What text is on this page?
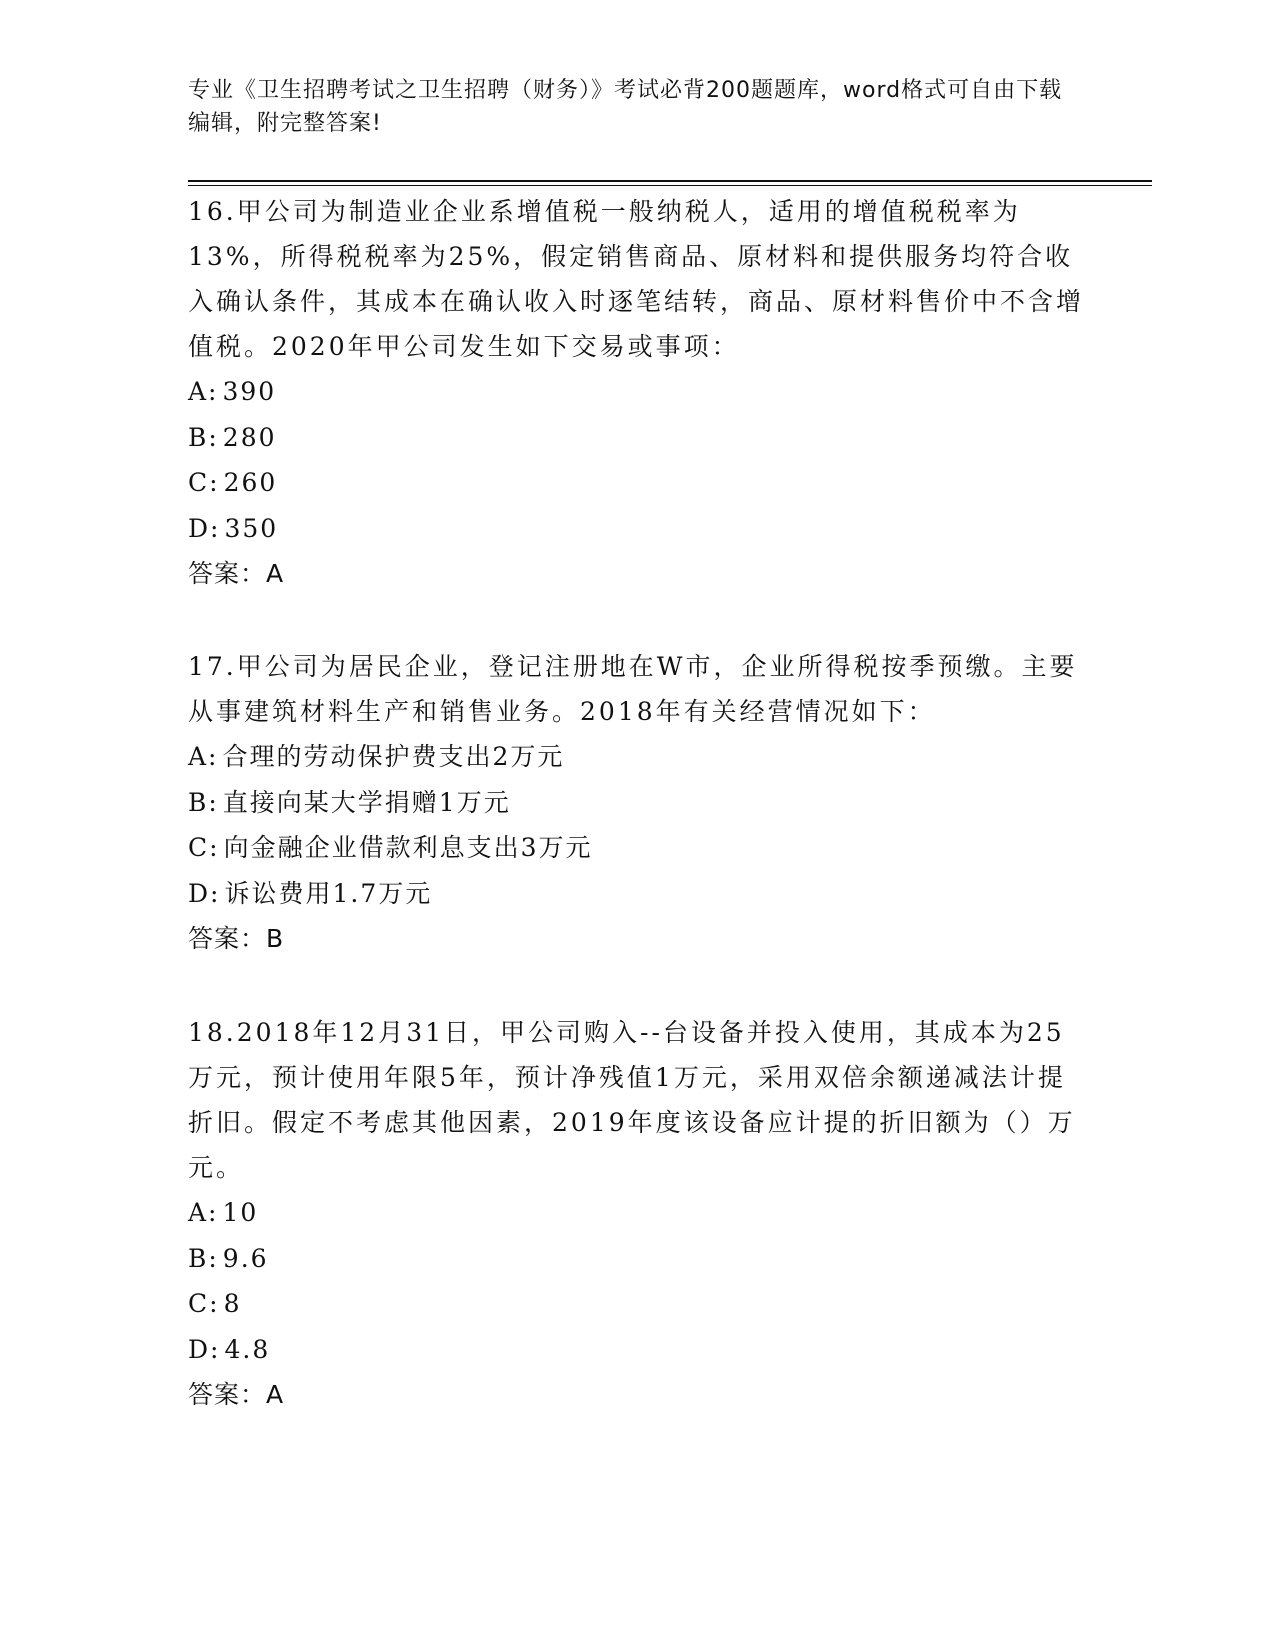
专业《卫生招聘考试之卫生招聘（财务）》考试必背200题题库，word格式可自由下载编辑，附完整答案!

16.甲公司为制造业企业系增值税一般纳税人，适用的增值税税率为13%，所得税税率为25%，假定销售商品、原材料和提供服务均符合收入确认条件，其成本在确认收入时逐笔结转，商品、原材料售价中不含增值税。2020年甲公司发生如下交易或事项：

A: 390

B: 280

C: 260

D: 350

答案：A

17.甲公司为居民企业，登记注册地在W市，企业所得税按季预缴。主要从事建筑材料生产和销售业务。2018年有关经营情况如下：

A: 合理的劳动保护费支出2万元

B: 直接向某大学捐赠1万元

C: 向金融企业借款利息支出3万元

D: 诉讼费用1.7万元

答案：B

18.2018年12月31日，甲公司购入--台设备并投入使用，其成本为25万元，预计使用年限5年，预计净残值1万元，采用双倍余额递减法计提折旧。假定不考虑其他因素，2019年度该设备应计提的折旧额为（）万元。

A: 10

B: 9.6

C: 8

D: 4.8

答案：A
